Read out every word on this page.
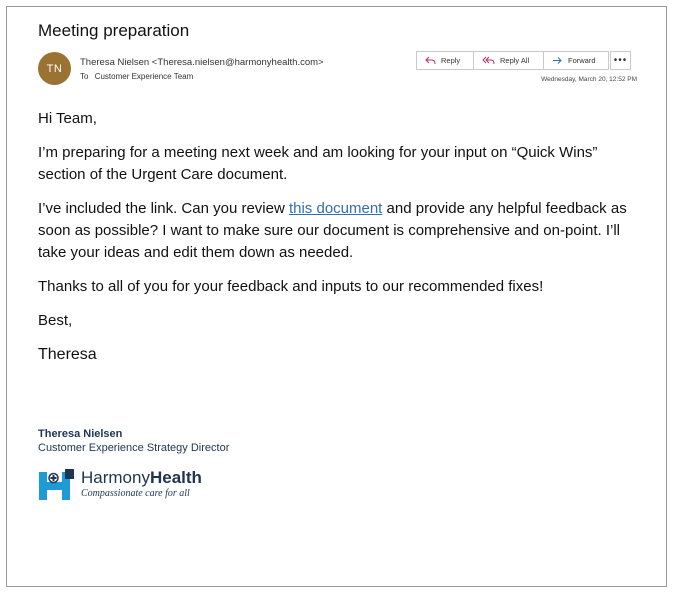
Meeting preparation
TN	Theresa Nielsen <Theresa.nielsen@harmonyhealth.com>
To Customer Experience Team
Reply	Reply All	Forward	•••
Wednesday, March 20, 12:52 PM

Hi Team,

I’m preparing for a meeting next week and am looking for your input on “Quick Wins” section of the Urgent Care document.

I’ve included the link. Can you review this document and provide any helpful feedback as soon as possible? I want to make sure our document is comprehensive and on-point. I’ll take your ideas and edit them down as needed.

Thanks to all of you for your feedback and inputs to our recommended fixes!

Best,

Theresa

Theresa Nielsen
Customer Experience Strategy Director
HarmonyHealth
Compassionate care for all
